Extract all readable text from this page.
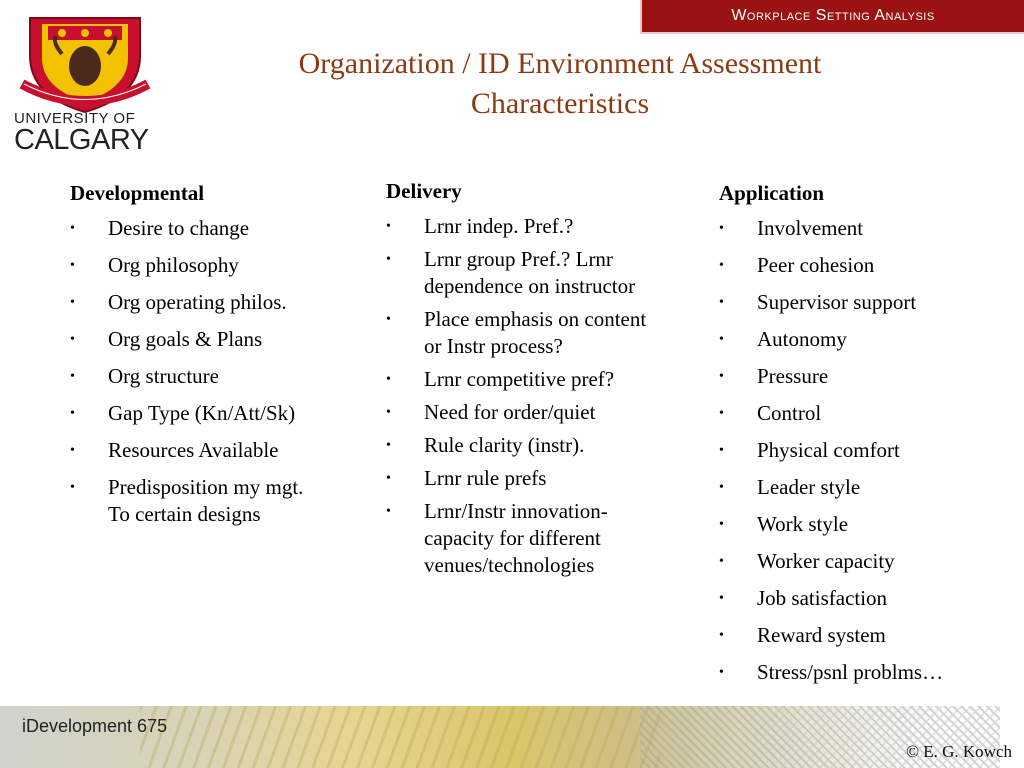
Workplace Setting Analysis
UNIVERSITY OF
CALGARY
Organization / ID Environment Assessment
Characteristics
Developmental
• Desire to change
• Org philosophy
• Org operating philos.
• Org goals & Plans
• Org structure
• Gap Type (Kn/Att/Sk)
• Resources Available
• Predisposition my mgt. To certain designs
Delivery
• Lrnr indep. Pref.?
• Lrnr group Pref.? Lrnr dependence on instructor
• Place emphasis on content or Instr process?
• Lrnr competitive pref?
• Need for order/quiet
• Rule clarity (instr).
• Lrnr rule prefs
• Lrnr/Instr innovation-capacity for different venues/technologies
Application
• Involvement
• Peer cohesion
• Supervisor support
• Autonomy
• Pressure
• Control
• Physical comfort
• Leader style
• Work style
• Worker capacity
• Job satisfaction
• Reward system
• Stress/psnl problms…
iDevelopment 675
© E. G. Kowch
